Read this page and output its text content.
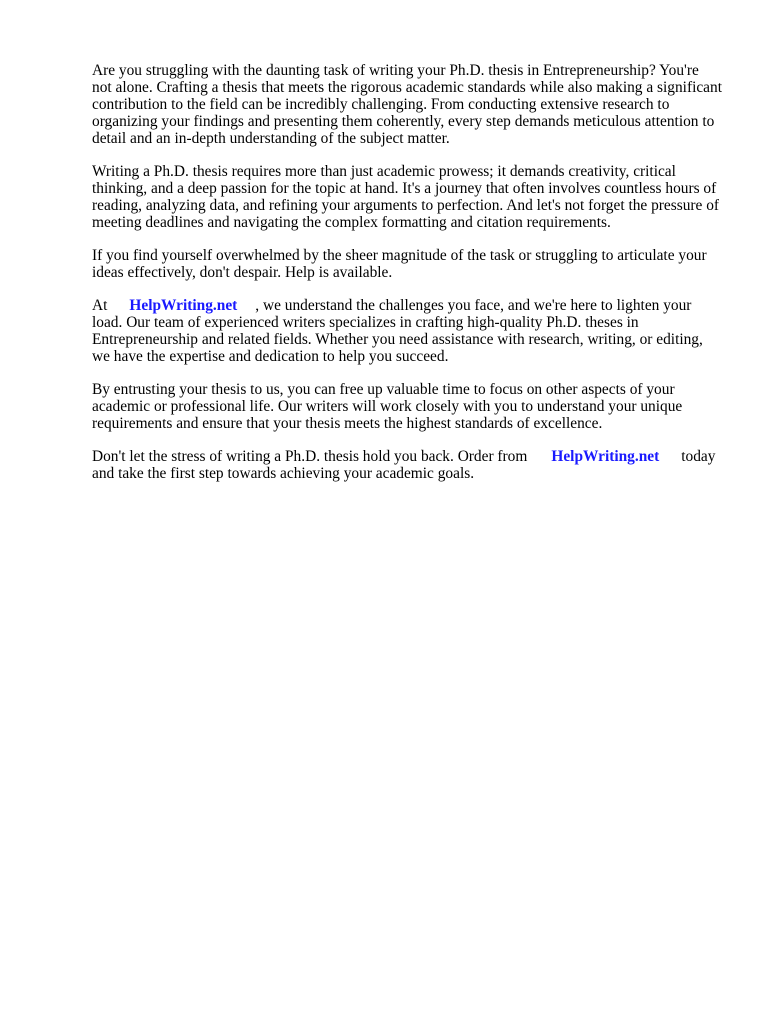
Are you struggling with the daunting task of writing your Ph.D. thesis in Entrepreneurship? You're not alone. Crafting a thesis that meets the rigorous academic standards while also making a significant contribution to the field can be incredibly challenging. From conducting extensive research to organizing your findings and presenting them coherently, every step demands meticulous attention to detail and an in-depth understanding of the subject matter.

Writing a Ph.D. thesis requires more than just academic prowess; it demands creativity, critical thinking, and a deep passion for the topic at hand. It's a journey that often involves countless hours of reading, analyzing data, and refining your arguments to perfection. And let's not forget the pressure of meeting deadlines and navigating the complex formatting and citation requirements.

If you find yourself overwhelmed by the sheer magnitude of the task or struggling to articulate your ideas effectively, don't despair. Help is available.

At HelpWriting.net , we understand the challenges you face, and we're here to lighten your load. Our team of experienced writers specializes in crafting high-quality Ph.D. theses in Entrepreneurship and related fields. Whether you need assistance with research, writing, or editing, we have the expertise and dedication to help you succeed.

By entrusting your thesis to us, you can free up valuable time to focus on other aspects of your academic or professional life. Our writers will work closely with you to understand your unique requirements and ensure that your thesis meets the highest standards of excellence.

Don't let the stress of writing a Ph.D. thesis hold you back. Order from HelpWriting.net today and take the first step towards achieving your academic goals.
